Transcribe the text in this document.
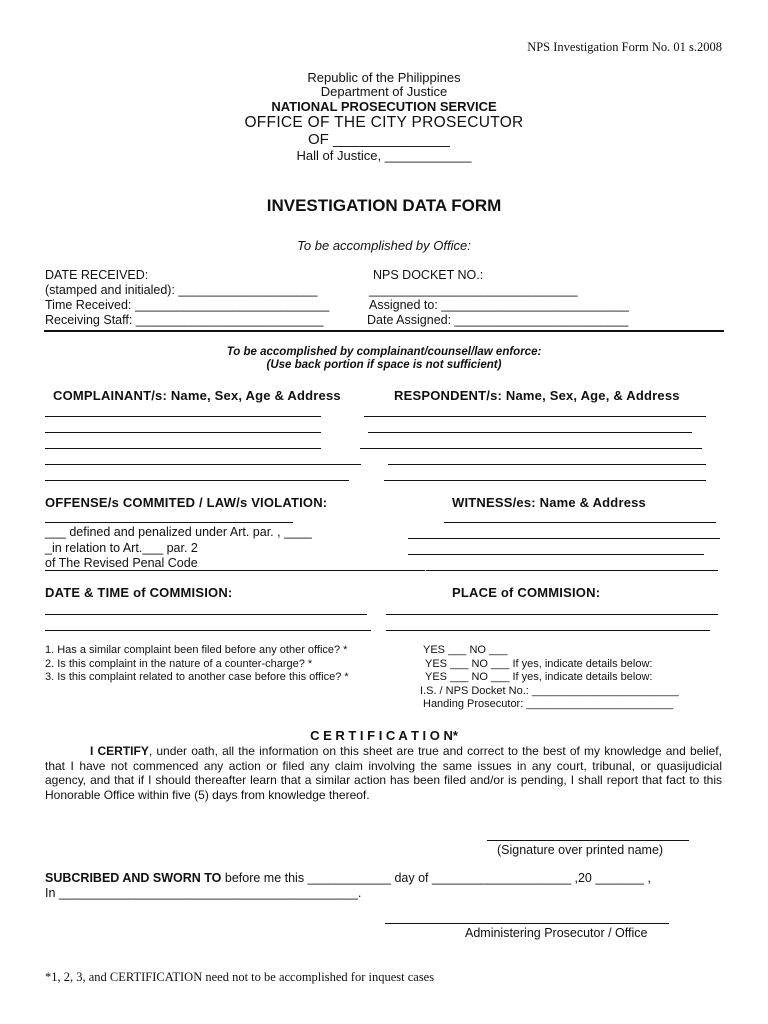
NPS Investigation Form No. 01 s.2008
Republic of the Philippines
Department of Justice
NATIONAL PROSECUTION SERVICE
OFFICE OF THE CITY PROSECUTOR
OF ______________
Hall of Justice, ____________
INVESTIGATION DATA FORM
To be accomplished by Office:
DATE RECEIVED:	NPS DOCKET NO.:
(stamped and initialed): ____________________	______________________________
Time Received: ____________________________	Assigned to: ___________________________
Receiving Staff: ___________________________	Date Assigned: _________________________
To be accomplished by complainant/counsel/law enforce:
(Use back portion if space is not sufficient)
COMPLAINANT/s: Name, Sex, Age & Address	RESPONDENT/s: Name, Sex, Age, & Address
OFFENSE/s COMMITED / LAW/s VIOLATION:	WITNESS/es: Name & Address
___ defined and penalized under Art. par. , ____
_in relation to Art.___ par. 2
of The Revised Penal Code
DATE & TIME of COMMISION:	PLACE of COMMISION:
1. Has a similar complaint been filed before any other office? *	YES ___ NO ___
2. Is this complaint in the nature of a counter-charge? *	YES ___ NO ___ If yes, indicate details below:
3. Is this complaint related to another case before this office? *	YES ___ NO ___ If yes, indicate details below:
I.S. / NPS Docket No.: ________________________
Handing Prosecutor: ________________________
C E R T I F I C A T I O N*
I CERTIFY, under oath, all the information on this sheet are true and correct to the best of my knowledge and belief, that I have not commenced any action or filed any claim involving the same issues in any court, tribunal, or quasijudicial agency, and that if I should thereafter learn that a similar action has been filed and/or is pending, I shall report that fact to this Honorable Office within five (5) days from knowledge thereof.
(Signature over printed name)
SUBCRIBED AND SWORN TO before me this ____________ day of ____________________ ,20 _______ ,
In ___________________________________________.
Administering Prosecutor / Office
*1, 2, 3, and CERTIFICATION need not to be accomplished for inquest cases
